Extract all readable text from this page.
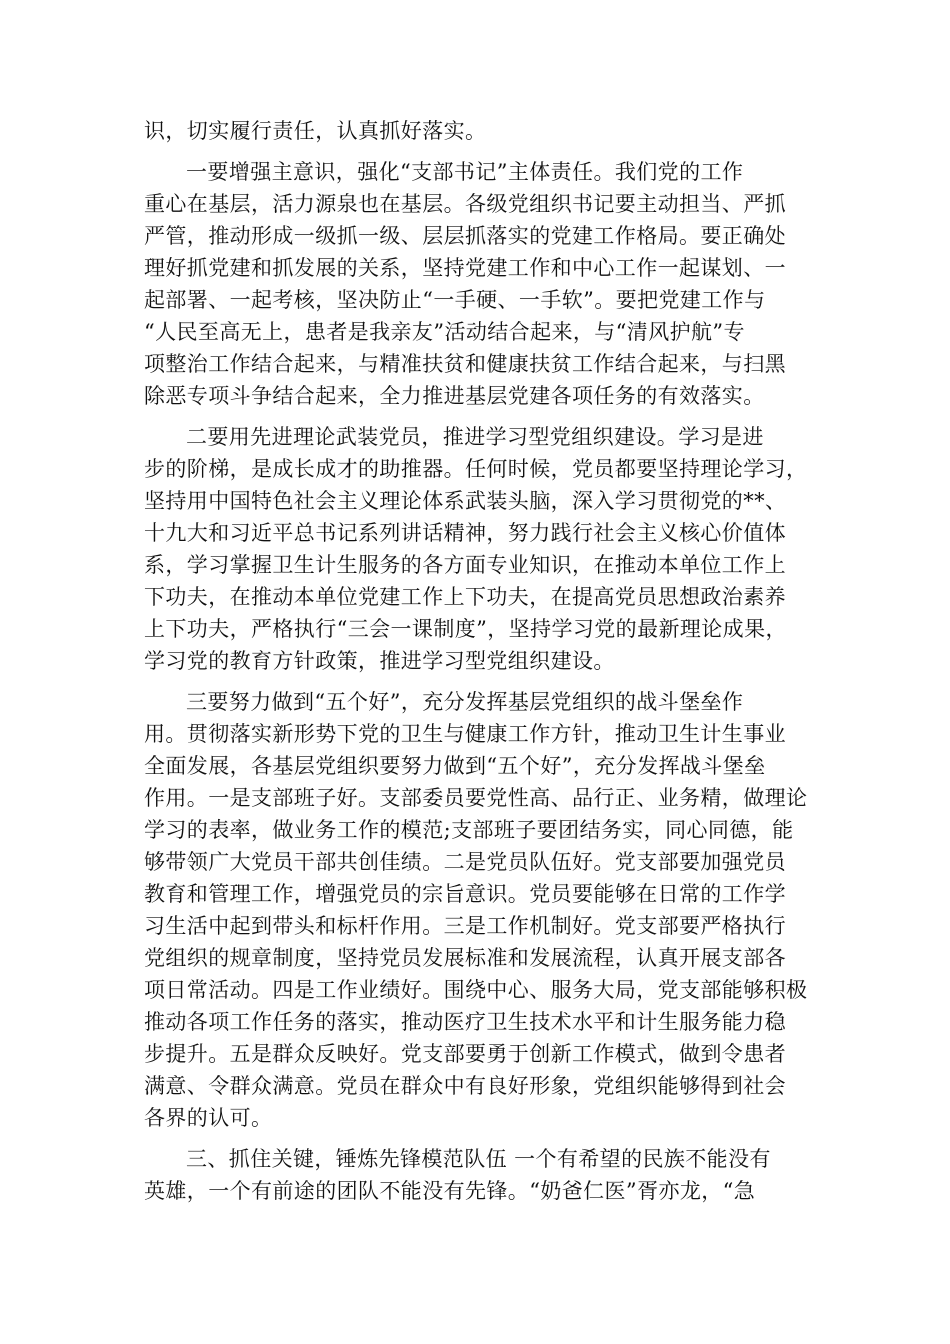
识，切实履行责任，认真抓好落实。
一要增强主意识，强化“支部书记”主体责任。我们党的工作
重心在基层，活力源泉也在基层。各级党组织书记要主动担当、严抓
严管，推动形成一级抓一级、层层抓落实的党建工作格局。要正确处
理好抓党建和抓发展的关系，坚持党建工作和中心工作一起谋划、一
起部署、一起考核，坚决防止“一手硬、一手软”。要把党建工作与
“人民至高无上，患者是我亲友”活动结合起来，与“清风护航”专
项整治工作结合起来，与精准扶贫和健康扶贫工作结合起来，与扫黑
除恶专项斗争结合起来，全力推进基层党建各项任务的有效落实。
二要用先进理论武装党员，推进学习型党组织建设。学习是进
步的阶梯，是成长成才的助推器。任何时候，党员都要坚持理论学习，
坚持用中国特色社会主义理论体系武装头脑，深入学习贯彻党的**、
十九大和习近平总书记系列讲话精神，努力践行社会主义核心价值体
系，学习掌握卫生计生服务的各方面专业知识，在推动本单位工作上
下功夫，在推动本单位党建工作上下功夫，在提高党员思想政治素养
上下功夫，严格执行“三会一课制度”，坚持学习党的最新理论成果，
学习党的教育方针政策，推进学习型党组织建设。
三要努力做到“五个好”，充分发挥基层党组织的战斗堡垒作
用。贯彻落实新形势下党的卫生与健康工作方针，推动卫生计生事业
全面发展，各基层党组织要努力做到“五个好”，充分发挥战斗堡垒
作用。一是支部班子好。支部委员要党性高、品行正、业务精，做理论
学习的表率，做业务工作的模范;支部班子要团结务实，同心同德，能
够带领广大党员干部共创佳绩。二是党员队伍好。党支部要加强党员
教育和管理工作，增强党员的宗旨意识。党员要能够在日常的工作学
习生活中起到带头和标杆作用。三是工作机制好。党支部要严格执行
党组织的规章制度，坚持党员发展标准和发展流程，认真开展支部各
项日常活动。四是工作业绩好。围绕中心、服务大局，党支部能够积极
推动各项工作任务的落实，推动医疗卫生技术水平和计生服务能力稳
步提升。五是群众反映好。党支部要勇于创新工作模式，做到令患者
满意、令群众满意。党员在群众中有良好形象，党组织能够得到社会
各界的认可。
三、抓住关键，锤炼先锋模范队伍 一个有希望的民族不能没有
英雄，一个有前途的团队不能没有先锋。“奶爸仁医”胥亦龙，“急
